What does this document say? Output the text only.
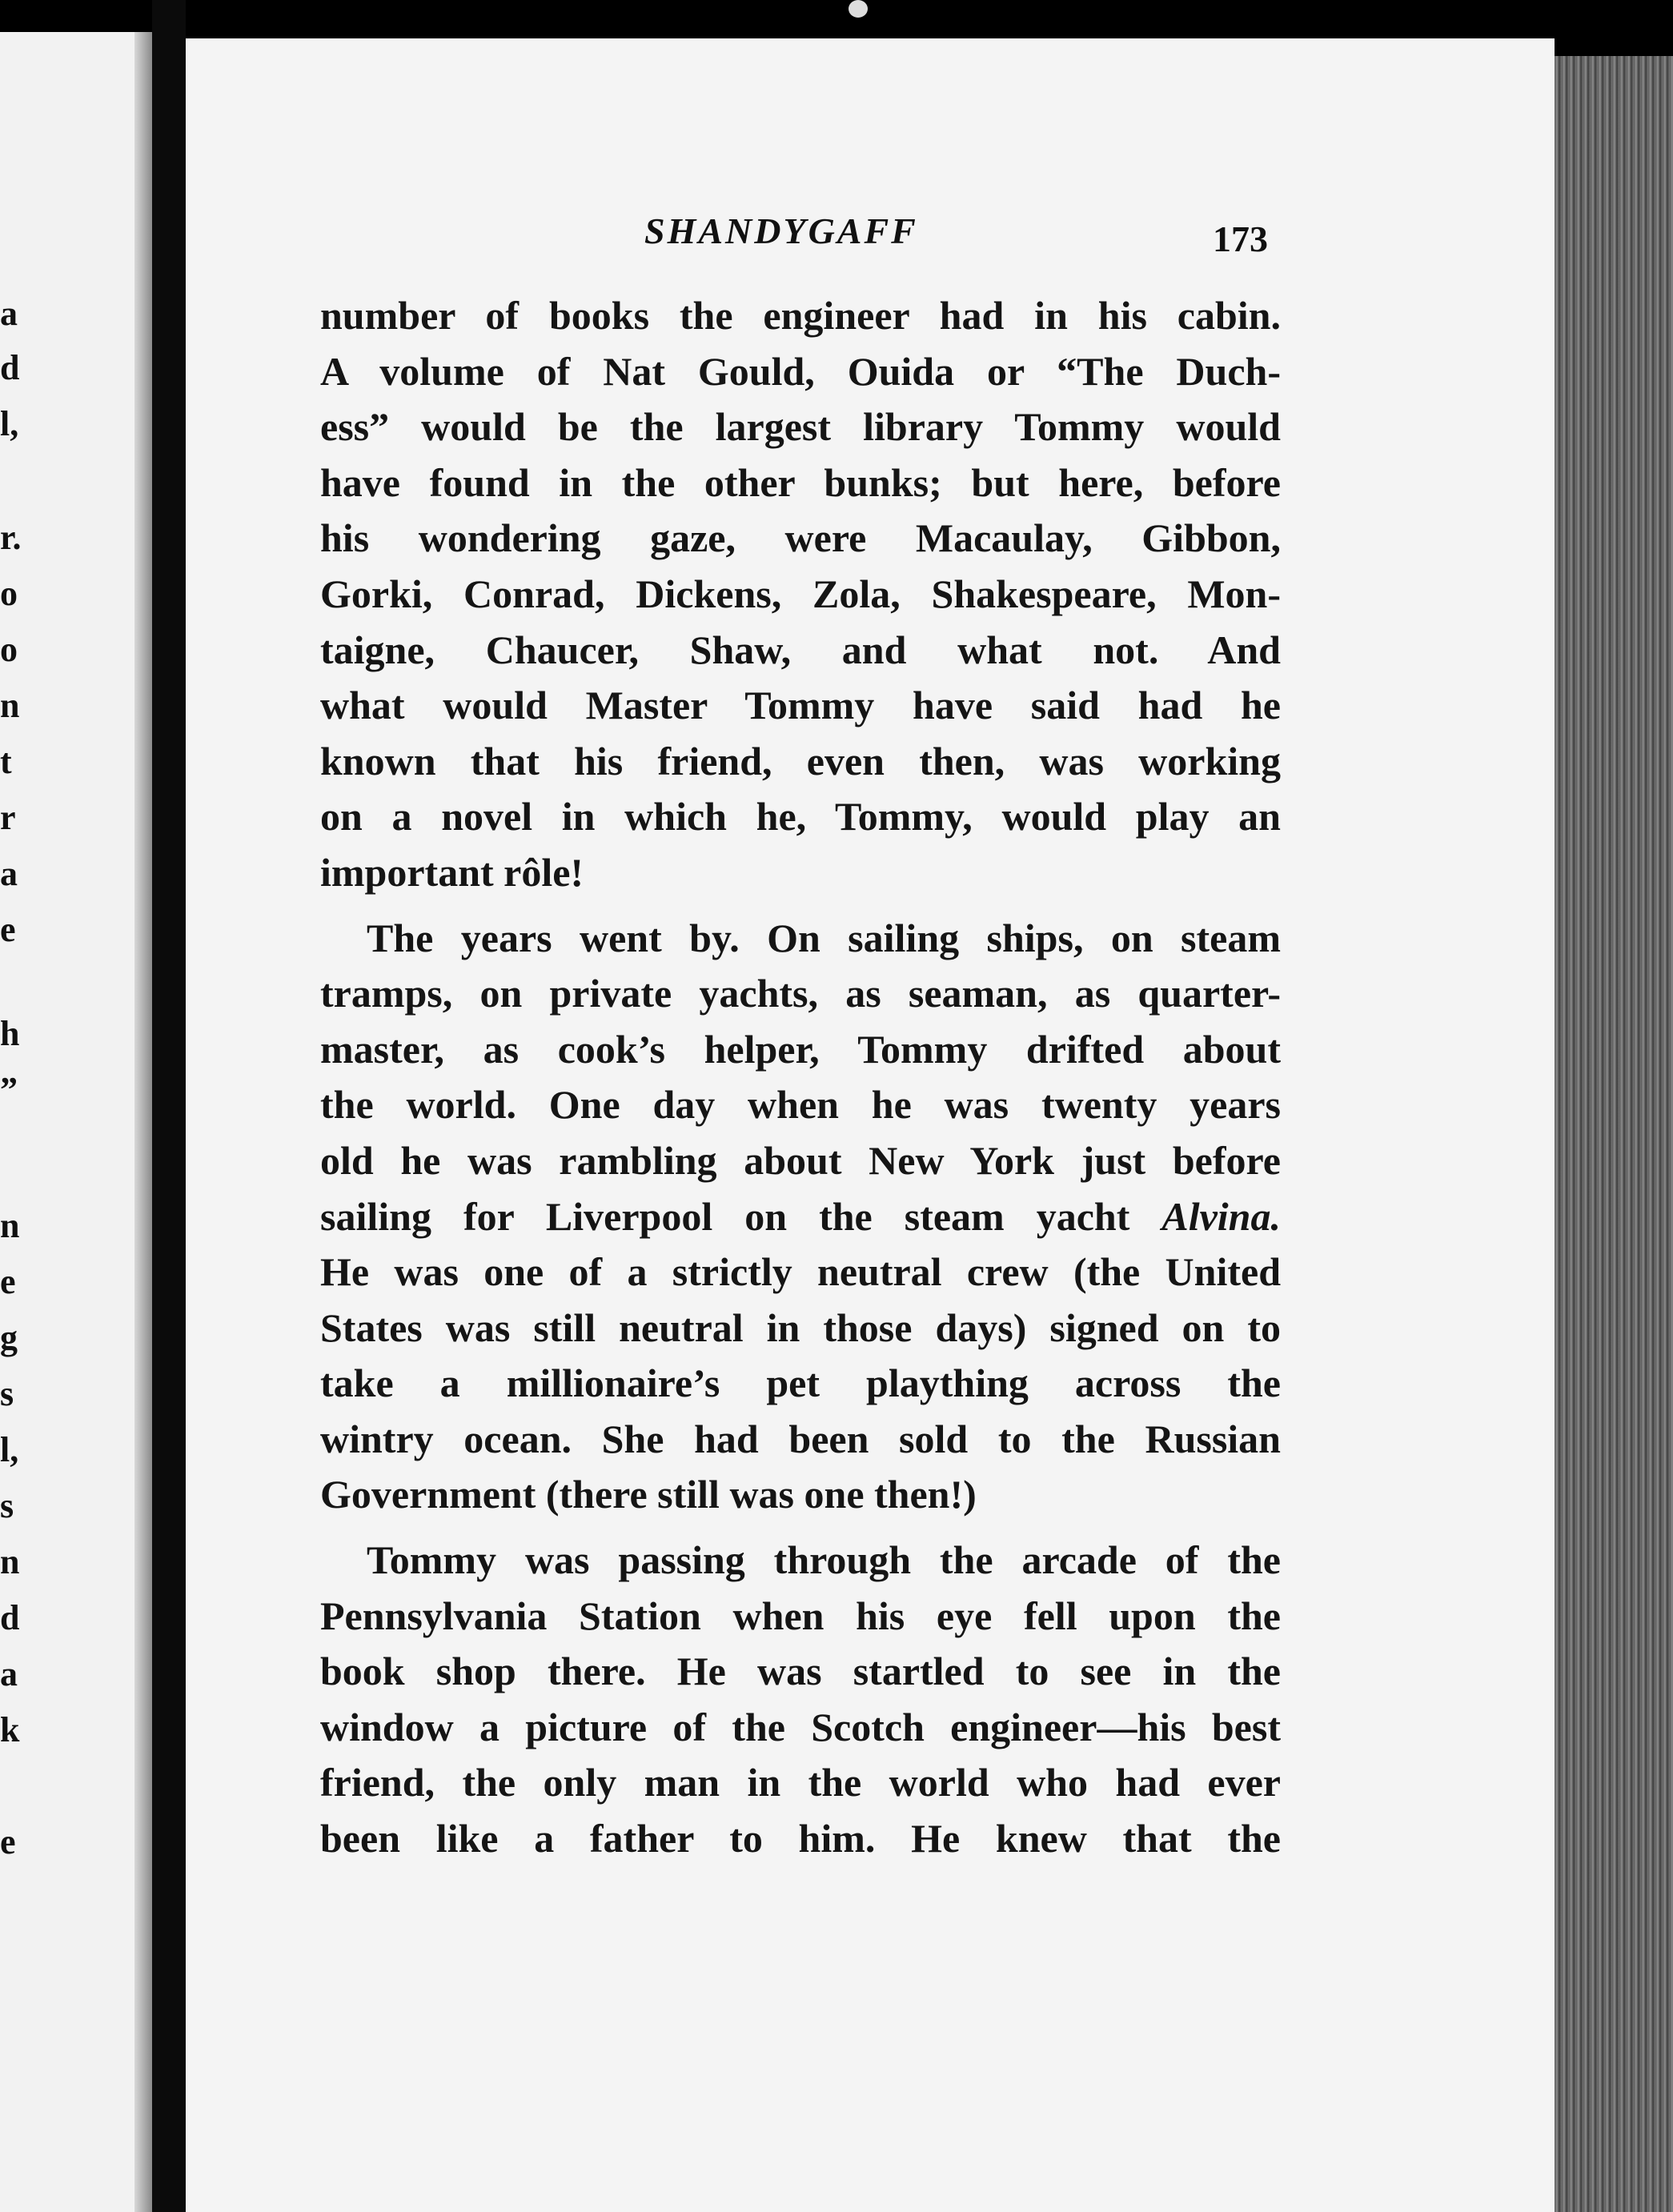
a
d
l,
r.
o
o
n
t
r
a
e
h
”
n
e
g
s
l,
s
n
d
a
k
e
SHANDYGAFF	173
number of books the engineer had in his cabin.
A volume of Nat Gould, Ouida or “The Duch-
ess” would be the largest library Tommy would
have found in the other bunks; but here, before
his wondering gaze, were Macaulay, Gibbon,
Gorki, Conrad, Dickens, Zola, Shakespeare, Mon-
taigne, Chaucer, Shaw, and what not. And
what would Master Tommy have said had he
known that his friend, even then, was working
on a novel in which he, Tommy, would play an
important rôle!
The years went by. On sailing ships, on steam
tramps, on private yachts, as seaman, as quarter-
master, as cook’s helper, Tommy drifted about
the world. One day when he was twenty years
old he was rambling about New York just before
sailing for Liverpool on the steam yacht Alvina.
He was one of a strictly neutral crew (the United
States was still neutral in those days) signed on to
take a millionaire’s pet plaything across the
wintry ocean. She had been sold to the Russian
Government (there still was one then!)
Tommy was passing through the arcade of the
Pennsylvania Station when his eye fell upon the
book shop there. He was startled to see in the
window a picture of the Scotch engineer—his best
friend, the only man in the world who had ever
been like a father to him. He knew that the
